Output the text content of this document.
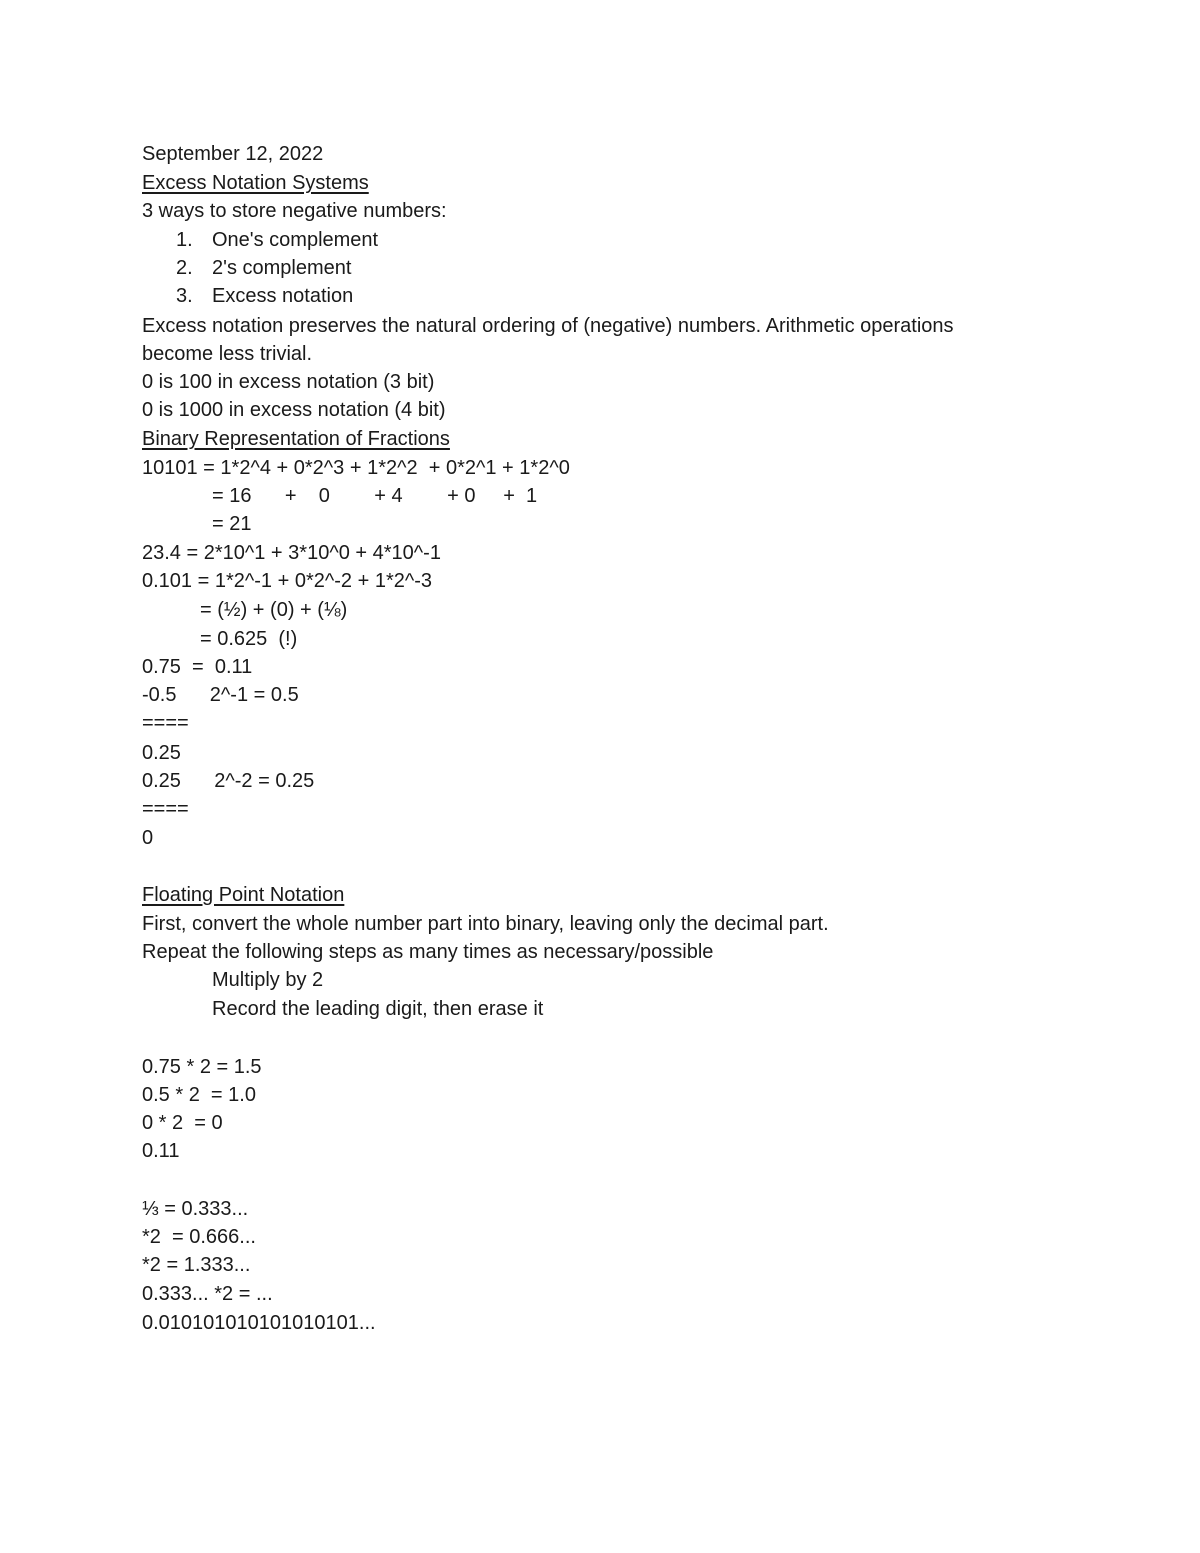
September 12, 2022
Excess Notation Systems
3 ways to store negative numbers:
1. One's complement
2. 2's complement
3. Excess notation
Excess notation preserves the natural ordering of (negative) numbers. Arithmetic operations
become less trivial.
0 is 100 in excess notation (3 bit)
0 is 1000 in excess notation (4 bit)
Binary Representation of Fractions
10101 = 1*2^4 + 0*2^3 + 1*2^2  + 0*2^1 + 1*2^0
= 16      +    0        + 4        + 0     +  1
= 21
23.4 = 2*10^1 + 3*10^0 + 4*10^-1
0.101 = 1*2^-1 + 0*2^-2 + 1*2^-3
= (½) + (0) + (⅛)
= 0.625  (!)
0.75  =  0.11
-0.5      2^-1 = 0.5
====
0.25
0.25      2^-2 = 0.25
====
0
Floating Point Notation
First, convert the whole number part into binary, leaving only the decimal part.
Repeat the following steps as many times as necessary/possible
Multiply by 2
Record the leading digit, then erase it
0.75 * 2 = 1.5
0.5 * 2  = 1.0
0 * 2  = 0
0.11
⅓ = 0.333...
*2  = 0.666...
*2 = 1.333...
0.333... *2 = ...
0.010101010101010101...
